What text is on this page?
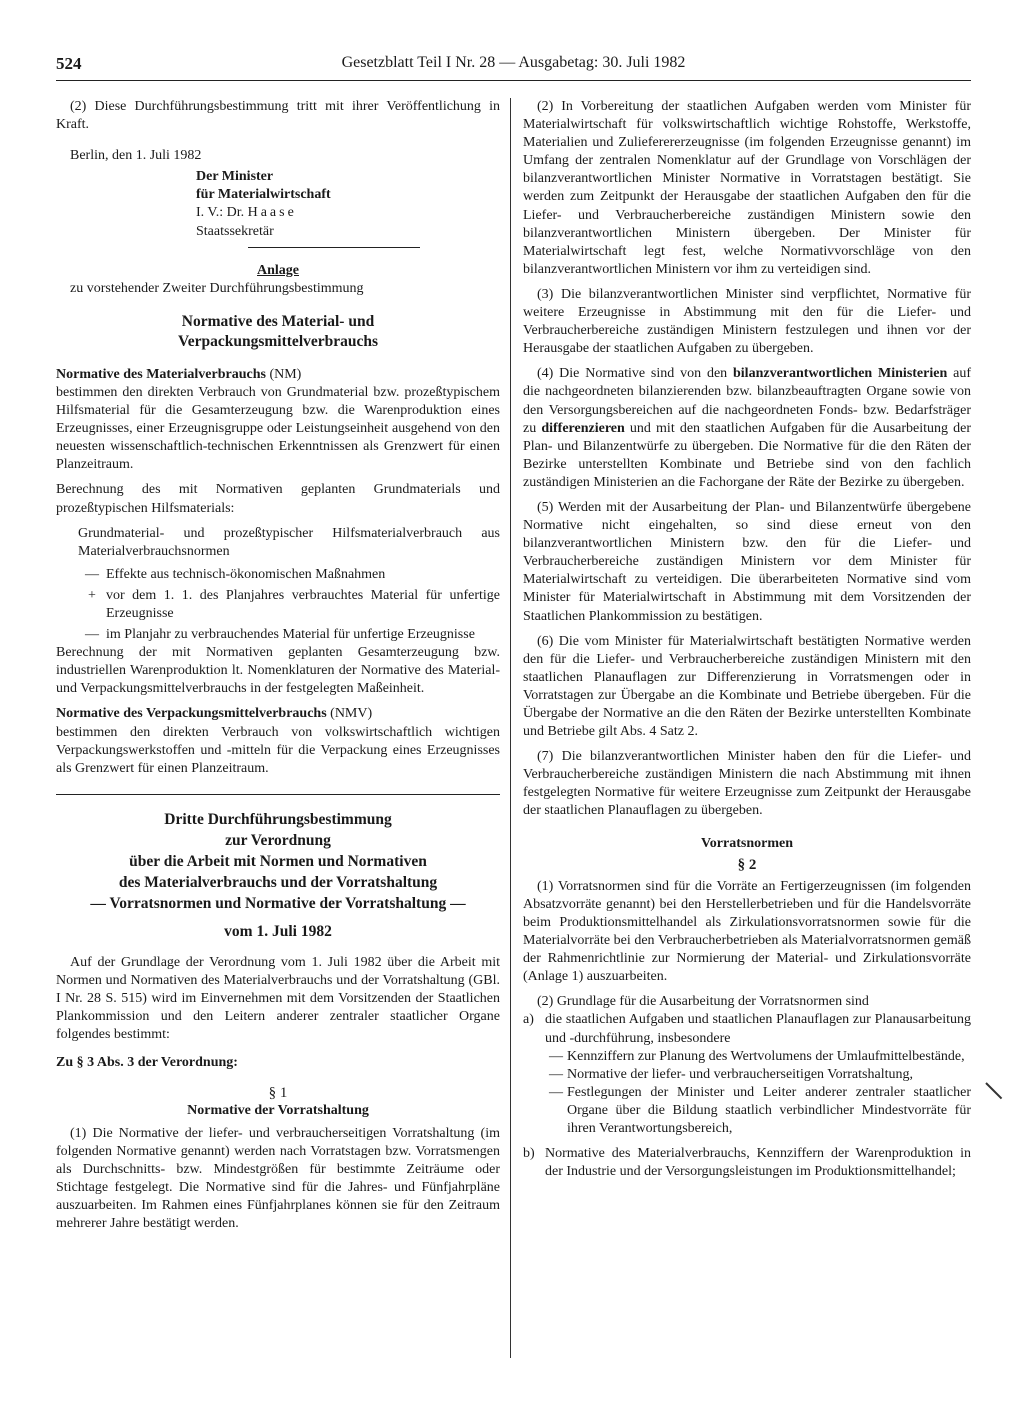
524	Gesetzblatt Teil I Nr. 28 — Ausgabetag: 30. Juli 1982

(2) Diese Durchführungsbestimmung tritt mit ihrer Veröffentlichung in Kraft.

Berlin, den 1. Juli 1982

Der Minister
für Materialwirtschaft
I. V.: Dr. Haase
Staatssekretär

Anlage

zu vorstehender Zweiter Durchführungsbestimmung

Normative des Material- und
Verpackungsmittelverbrauchs

Normative des Materialverbrauchs (NM)

bestimmen den direkten Verbrauch von Grundmaterial bzw. prozeßtypischem Hilfsmaterial für die Gesamterzeugung bzw. die Warenproduktion eines Erzeugnisses, einer Erzeugnisgruppe oder Leistungseinheit ausgehend von den neuesten wissenschaftlich-technischen Erkenntnissen als Grenzwert für einen Planzeitraum.

Berechnung des mit Normativen geplanten Grundmaterials und prozeßtypischen Hilfsmaterials:

Grundmaterial- und prozeßtypischer Hilfsmaterialverbrauch aus Materialverbrauchsnormen

— Effekte aus technisch-ökonomischen Maßnahmen
+ vor dem 1. 1. des Planjahres verbrauchtes Material für unfertige Erzeugnisse
— im Planjahr zu verbrauchendes Material für unfertige Erzeugnisse

Berechnung der mit Normativen geplanten Gesamterzeugung bzw. industriellen Warenproduktion lt. Nomenklaturen der Normative des Material- und Verpackungsmittelverbrauchs in der festgelegten Maßeinheit.

Normative des Verpackungsmittelverbrauchs (NMV)

bestimmen den direkten Verbrauch von volkswirtschaftlich wichtigen Verpackungswerkstoffen und -mitteln für die Verpackung eines Erzeugnisses als Grenzwert für einen Planzeitraum.

Dritte Durchführungsbestimmung
zur Verordnung
über die Arbeit mit Normen und Normativen
des Materialverbrauchs und der Vorratshaltung
— Vorratsnormen und Normative der Vorratshaltung —
vom 1. Juli 1982

Auf der Grundlage der Verordnung vom 1. Juli 1982 über die Arbeit mit Normen und Normativen des Materialverbrauchs und der Vorratshaltung (GBl. I Nr. 28 S. 515) wird im Einvernehmen mit dem Vorsitzenden der Staatlichen Plankommission und den Leitern anderer zentraler staatlicher Organe folgendes bestimmt:

Zu § 3 Abs. 3 der Verordnung:

§ 1

Normative der Vorratshaltung

(1) Die Normative der liefer- und verbraucherseitigen Vorratshaltung (im folgenden Normative genannt) werden nach Vorratstagen bzw. Vorratsmengen als Durchschnitts- bzw. Mindestgrößen für bestimmte Zeiträume oder Stichtage festgelegt. Die Normative sind für die Jahres- und Fünfjahrpläne auszuarbeiten. Im Rahmen eines Fünfjahrplanes können sie für den Zeitraum mehrerer Jahre bestätigt werden.

(2) In Vorbereitung der staatlichen Aufgaben werden vom Minister für Materialwirtschaft für volkswirtschaftlich wichtige Rohstoffe, Werkstoffe, Materialien und Zulieferererzeugnisse (im folgenden Erzeugnisse genannt) im Umfang der zentralen Nomenklatur auf der Grundlage von Vorschlägen der bilanzverantwortlichen Minister Normative in Vorratstagen bestätigt. Sie werden zum Zeitpunkt der Herausgabe der staatlichen Aufgaben den für die Liefer- und Verbraucherbereiche zuständigen Ministern sowie den bilanzverantwortlichen Ministern übergeben. Der Minister für Materialwirtschaft legt fest, welche Normativvorschläge von den bilanzverantwortlichen Ministern vor ihm zu verteidigen sind.

(3) Die bilanzverantwortlichen Minister sind verpflichtet, Normative für weitere Erzeugnisse in Abstimmung mit den für die Liefer- und Verbraucherbereiche zuständigen Ministern festzulegen und ihnen vor der Herausgabe der staatlichen Aufgaben zu übergeben.

(4) Die Normative sind von den bilanzverantwortlichen Ministerien auf die nachgeordneten bilanzierenden bzw. bilanzbeauftragten Organe sowie von den Versorgungsbereichen auf die nachgeordneten Fonds- bzw. Bedarfsträger zu differenzieren und mit den staatlichen Aufgaben für die Ausarbeitung der Plan- und Bilanzentwürfe zu übergeben. Die Normative für die den Räten der Bezirke unterstellten Kombinate und Betriebe sind von den fachlich zuständigen Ministerien an die Fachorgane der Räte der Bezirke zu übergeben.

(5) Werden mit der Ausarbeitung der Plan- und Bilanzentwürfe übergebene Normative nicht eingehalten, so sind diese erneut von den bilanzverantwortlichen Ministern bzw. den für die Liefer- und Verbraucherbereiche zuständigen Ministern vor dem Minister für Materialwirtschaft zu verteidigen. Die überarbeiteten Normative sind vom Minister für Materialwirtschaft in Abstimmung mit dem Vorsitzenden der Staatlichen Plankommission zu bestätigen.

(6) Die vom Minister für Materialwirtschaft bestätigten Normative werden den für die Liefer- und Verbraucherbereiche zuständigen Ministern mit den staatlichen Planauflagen zur Differenzierung in Vorratsmengen oder in Vorratstagen zur Übergabe an die Kombinate und Betriebe übergeben. Für die Übergabe der Normative an die den Räten der Bezirke unterstellten Kombinate und Betriebe gilt Abs. 4 Satz 2.

(7) Die bilanzverantwortlichen Minister haben den für die Liefer- und Verbraucherbereiche zuständigen Ministern die nach Abstimmung mit ihnen festgelegten Normative für weitere Erzeugnisse zum Zeitpunkt der Herausgabe der staatlichen Planauflagen zu übergeben.

Vorratsnormen

§ 2

(1) Vorratsnormen sind für die Vorräte an Fertigerzeugnissen (im folgenden Absatzvorräte genannt) bei den Herstellerbetrieben und für die Handelsvorräte beim Produktionsmittelhandel als Zirkulationsvorratsnormen sowie für die Materialvorräte bei den Verbraucherbetrieben als Materialvorratsnormen gemäß der Rahmenrichtlinie zur Normierung der Material- und Zirkulationsvorräte (Anlage 1) auszuarbeiten.

(2) Grundlage für die Ausarbeitung der Vorratsnormen sind

a) die staatlichen Aufgaben und staatlichen Planauflagen zur Planausarbeitung und -durchführung, insbesondere

— Kennziffern zur Planung des Wertvolumens der Umlaufmittelbestände,
— Normative der liefer- und verbraucherseitigen Vorratshaltung,
— Festlegungen der Minister und Leiter anderer zentraler staatlicher Organe über die Bildung staatlich verbindlicher Mindestvorräte für ihren Verantwortungsbereich,
b) Normative des Materialverbrauchs, Kennziffern der Warenproduktion in der Industrie und der Versorgungsleistungen im Produktionsmittelhandel;
